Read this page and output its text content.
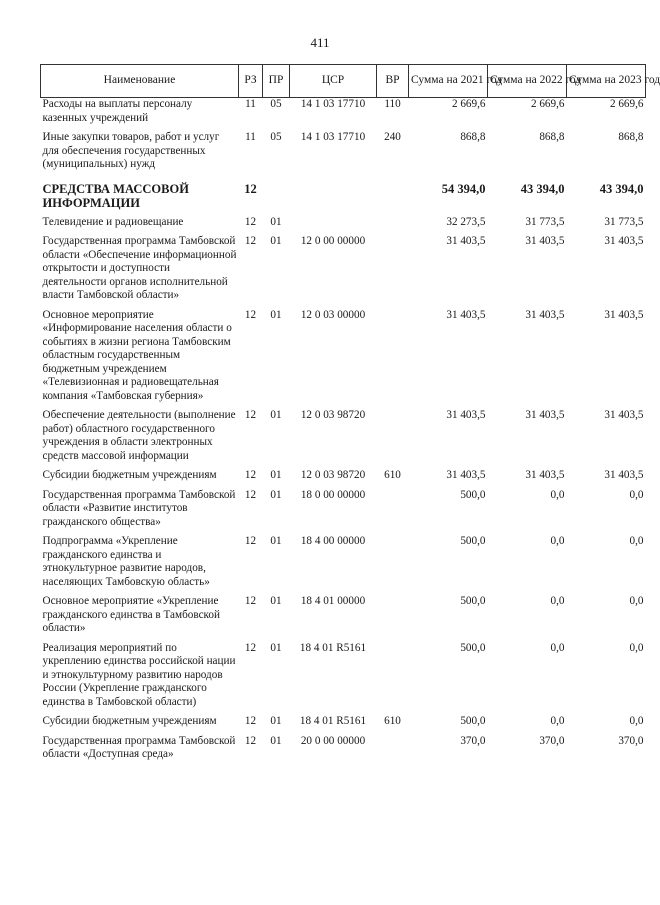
411
Наименование	РЗ	ПР	ЦСР	ВР	Сумма на 2021 год	Сумма на 2022 год	Сумма на 2023 год
Расходы на выплаты персоналу казенных учреждений	11	05	14 1 03 17710	110	2 669,6	2 669,6	2 669,6
Иные закупки товаров, работ и услуг для обеспечения государственных (муниципальных) нужд	11	05	14 1 03 17710	240	868,8	868,8	868,8
СРЕДСТВА МАССОВОЙ ИНФОРМАЦИИ	12				54 394,0	43 394,0	43 394,0
Телевидение и радиовещание	12	01			32 273,5	31 773,5	31 773,5
Государственная программа Тамбовской области «Обеспечение информационной открытости и доступности деятельности органов исполнительной власти Тамбовской области»	12	01	12 0 00 00000		31 403,5	31 403,5	31 403,5
Основное мероприятие «Информирование населения области о событиях в жизни региона Тамбовским областным государственным бюджетным учреждением «Телевизионная и радиовещательная компания «Тамбовская губерния»	12	01	12 0 03 00000		31 403,5	31 403,5	31 403,5
Обеспечение деятельности (выполнение работ) областного государственного учреждения в области электронных средств массовой информации	12	01	12 0 03 98720		31 403,5	31 403,5	31 403,5
Субсидии бюджетным учреждениям	12	01	12 0 03 98720	610	31 403,5	31 403,5	31 403,5
Государственная программа Тамбовской области «Развитие институтов гражданского общества»	12	01	18 0 00 00000		500,0	0,0	0,0
Подпрограмма «Укрепление гражданского единства и этнокультурное развитие народов, населяющих Тамбовскую область»	12	01	18 4 00 00000		500,0	0,0	0,0
Основное мероприятие «Укрепление гражданского единства в Тамбовской области»	12	01	18 4 01 00000		500,0	0,0	0,0
Реализация мероприятий по укреплению единства российской нации и этнокультурному развитию народов России (Укрепление гражданского единства в Тамбовской области)	12	01	18 4 01 R5161		500,0	0,0	0,0
Субсидии бюджетным учреждениям	12	01	18 4 01 R5161	610	500,0	0,0	0,0
Государственная программа Тамбовской области «Доступная среда»	12	01	20 0 00 00000		370,0	370,0	370,0
